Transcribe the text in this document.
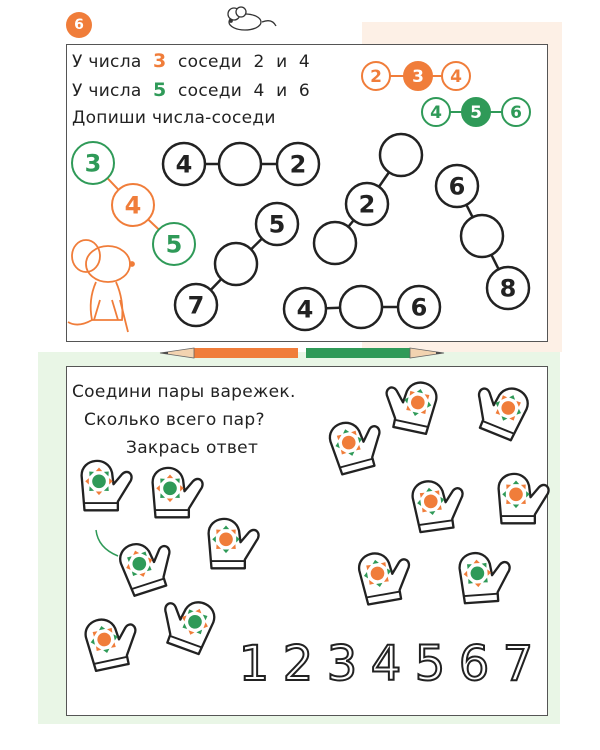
6
У числа 3 соседи 2 и 4
У числа 5 соседи 4 и 6
Допиши числа-соседи
Соедини пары варежек.
Сколько всего пар?
Закрась ответ
2 3 4
4 5 6
3
4
5
4	2
7
5
2
6
8
4	6
1 2 3 4 5 6 7
